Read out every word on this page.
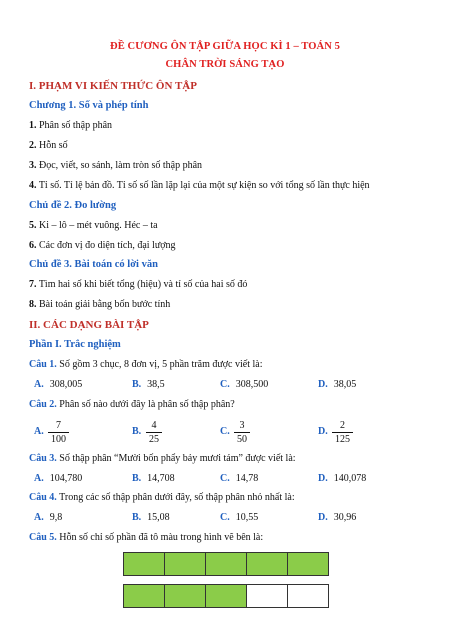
ĐỀ CƯƠNG ÔN TẬP GIỮA HỌC KÌ 1 – TOÁN 5
CHÂN TRỜI SÁNG TẠO
I. PHẠM VI KIẾN THỨC ÔN TẬP
Chương 1. Số và phép tính
1. Phân số thập phân
2. Hỗn số
3. Đọc, viết, so sánh, làm tròn số thập phân
4. Tỉ số. Tỉ lệ bản đồ. Tỉ số số lần lặp lại của một sự kiện so với tổng số lần thực hiện
Chủ đề 2. Đo lường
5. Ki – lô – mét vuông. Héc – ta
6. Các đơn vị đo diện tích, đại lượng
Chủ đề 3. Bài toán có lời văn
7. Tìm hai số khi biết tổng (hiệu) và tỉ số của hai số đó
8. Bài toán giải bằng bốn bước tính
II. CÁC DẠNG BÀI TẬP
Phần I. Trắc nghiệm
Câu 1. Số gồm 3 chục, 8 đơn vị, 5 phần trăm được viết là:
A. 308,005	B. 38,5	C. 308,500	D. 38,05
Câu 2. Phân số nào dưới đây là phân số thập phân?
A. $\frac{7}{100}$	B. $\frac{4}{25}$	C. $\frac{3}{50}$	D. $\frac{2}{125}$
Câu 3. Số thập phân “Mười bốn phẩy bảy mươi tám” được viết là:
A. 104,780	B. 14,708	C. 14,78	D. 140,078
Câu 4. Trong các số thập phân dưới đây, số thập phân nhỏ nhất là:
A. 9,8	B. 15,08	C. 10,55	D. 30,96
Câu 5. Hỗn số chỉ số phần đã tô màu trong hình vẽ bên là:
